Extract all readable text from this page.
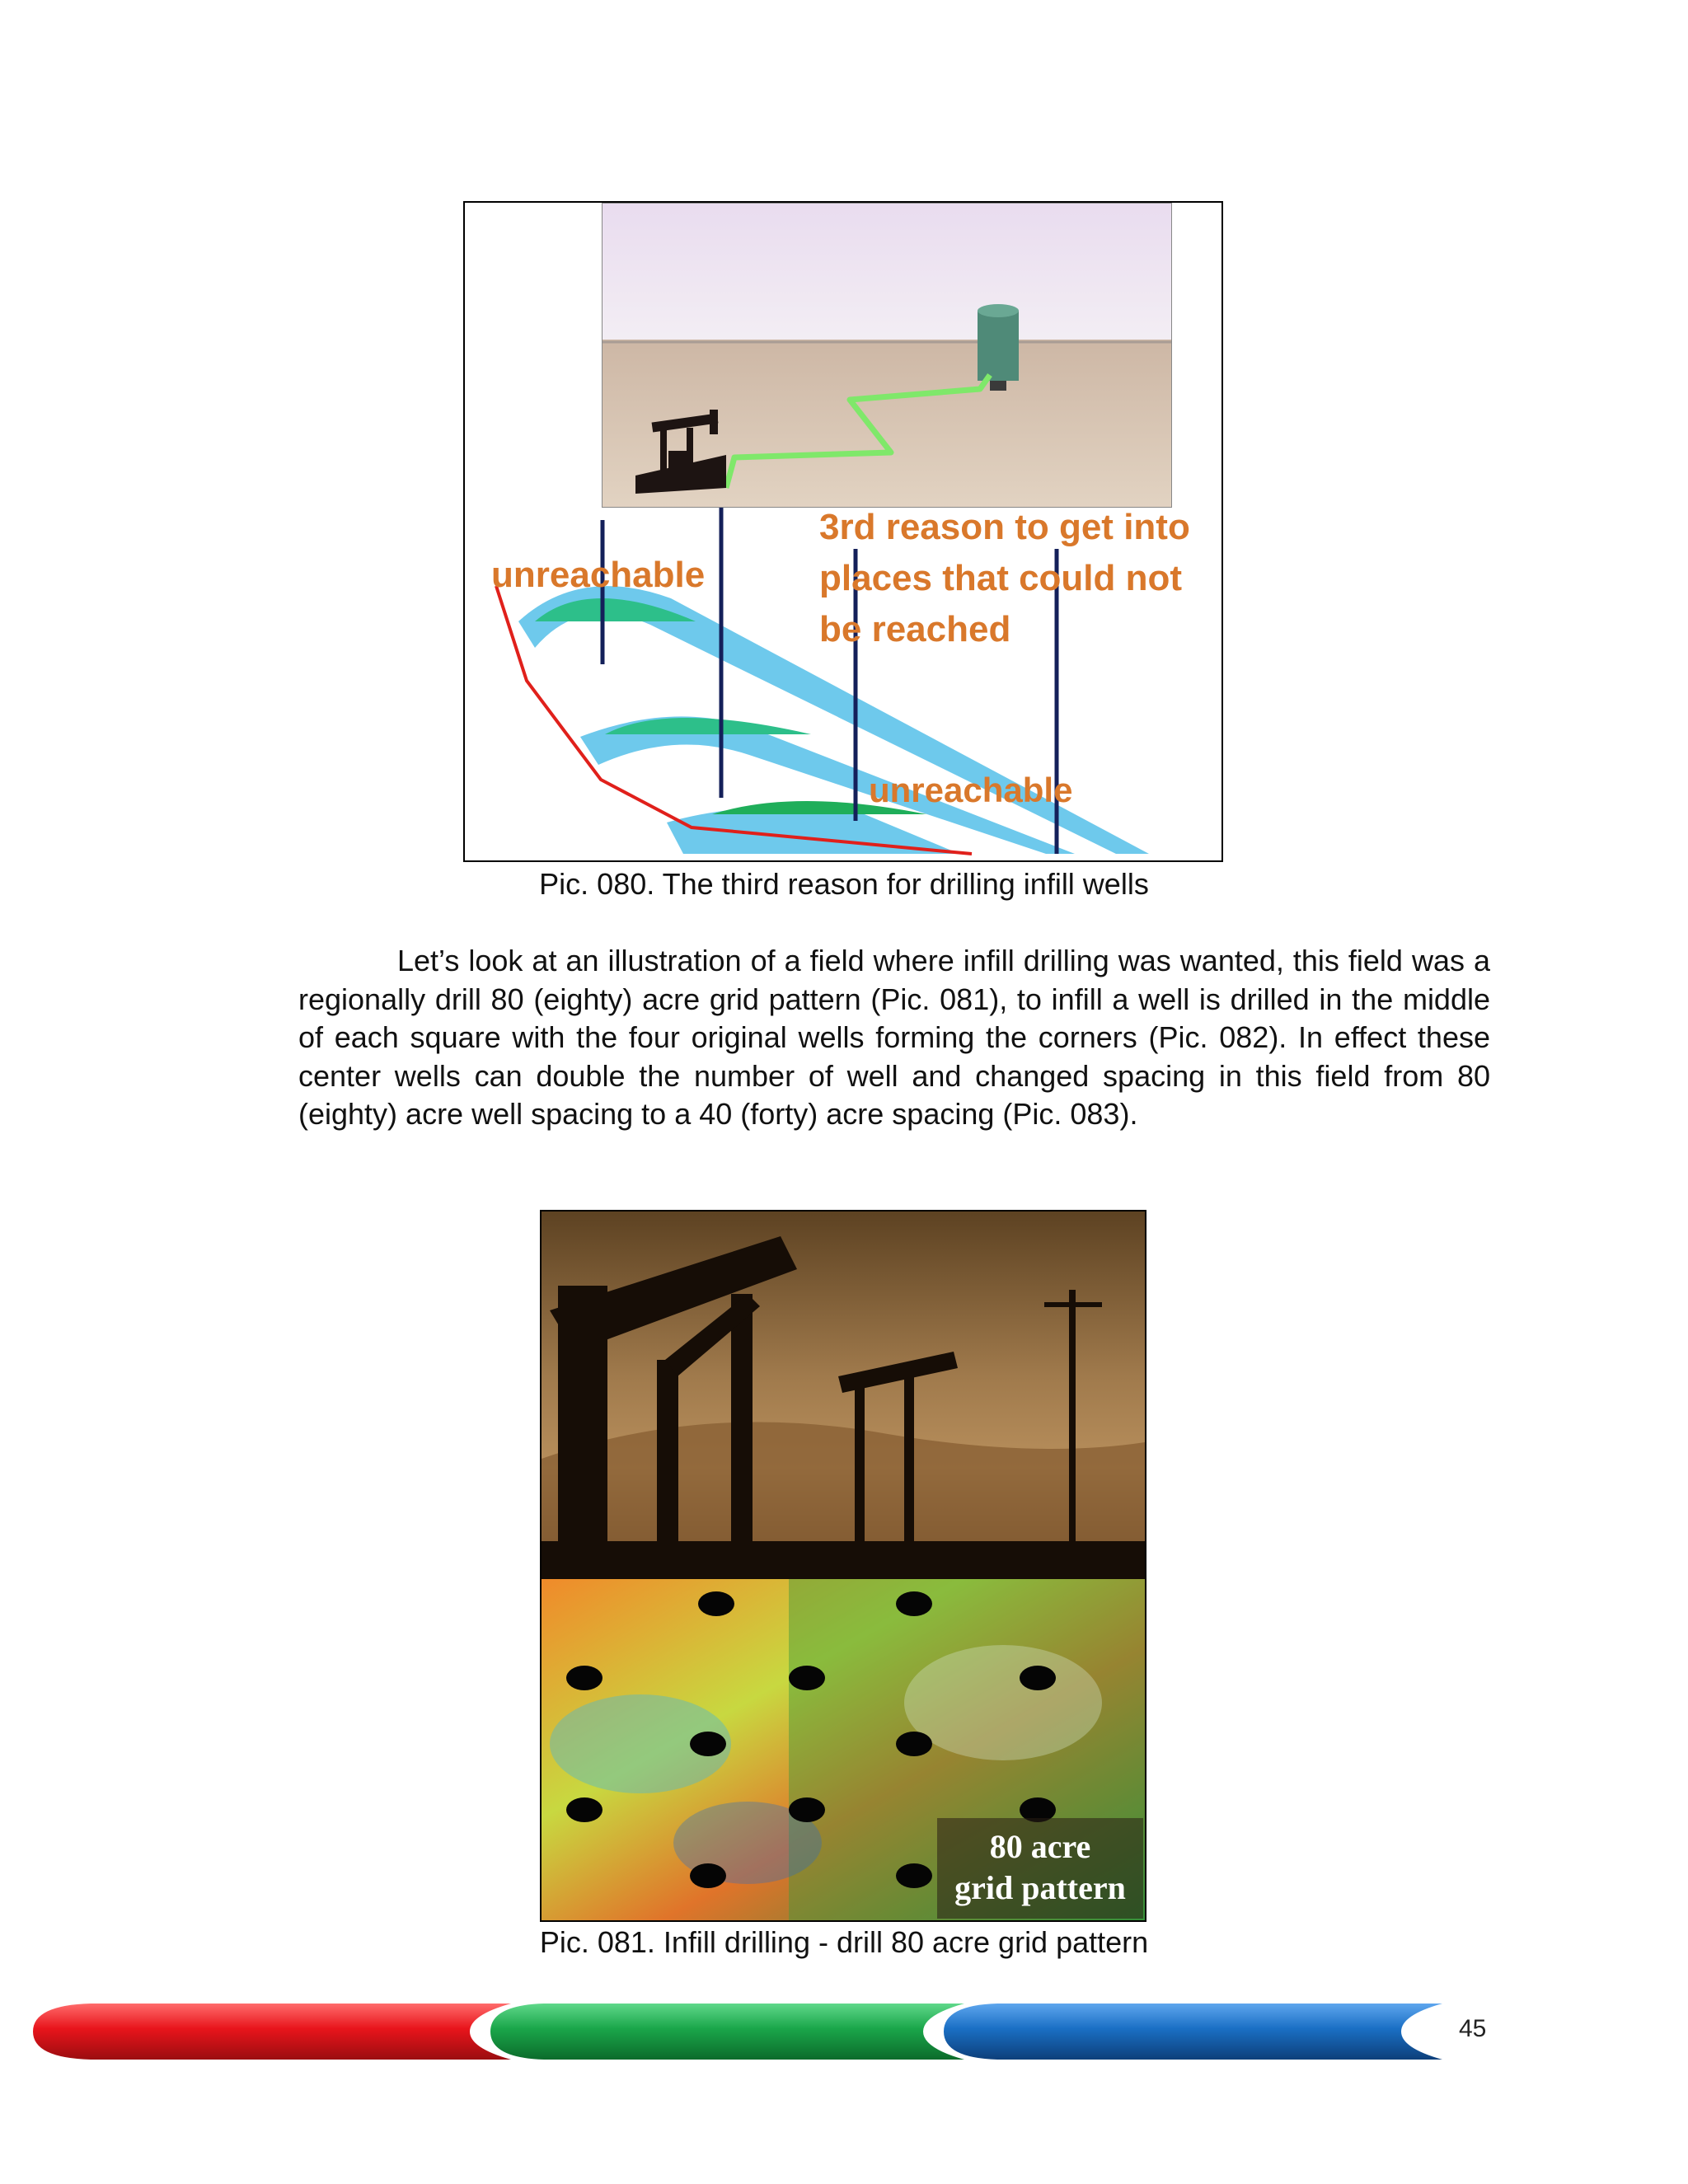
unreachable
3rd reason to get into
places that could not
be reached
unreachable
Pic. 080. The third reason for drilling infill wells

Let’s look at an illustration of a field where infill drilling was wanted, this field was a regionally drill 80 (eighty) acre grid pattern (Pic. 081), to infill a well is drilled in the middle of each square with the four original wells forming the corners (Pic. 082). In effect these center wells can double the number of well and changed spacing in this field from 80 (eighty) acre well spacing to a 40 (forty) acre spacing (Pic. 083).

80 acre
grid pattern
Pic. 081. Infill drilling - drill 80 acre grid pattern
45
